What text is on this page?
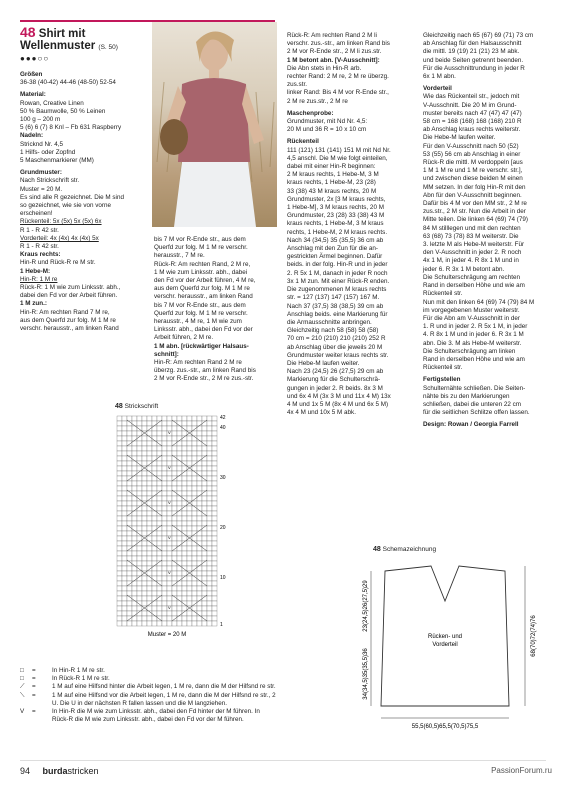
48 Shirt mit
Wellenmuster (S. 50)
●●●○○

Größen

36-38 (40-42) 44-46 (48-50) 52-54

Material:

Rowan, Creative Linen

50 % Baumwolle, 50 % Leinen

100 g – 200 m

5 (6) 6 (7) 8 Knl – Fb 631 Raspberry

Nadeln:

Stricknd Nr. 4,5

1 Hilfs- oder Zopfnd

5 Maschenmarkierer (MM)

Grundmuster:

Nach Strickschrift str.

Muster = 20 M.

Es sind alle R gezeichnet. Die M sind

so gezeichnet, wie sie von vorne

erscheinen!

Rückenteil: 5x (5x) 5x (5x) 6x

R 1 - R 42 str.

Vorderteil: 4x (4x) 4x (4x) 5x

R 1 - R 42 str.

Kraus rechts:

Hin-R und Rück-R re M str.

1 Hebe-M:

Hin-R: 1 M re

Rück-R: 1 M wie zum Linksstr. abh.,

dabei den Fd vor der Arbeit führen.

1 M zun.:

Hin-R: Am rechten Rand 7 M re,

aus dem Querfd zur folg. M 1 M re

verschr. herausstr., am linken Rand

bis 7 M vor R-Ende str., aus dem

Querfd zur folg. M 1 M re verschr.

herausstr., 7 M re.

Rück-R: Am rechten Rand, 2 M re,

1 M wie zum Linksstr. abh., dabei

den Fd vor der Arbeit führen, 4 M re,

aus dem Querfd zur folg. M 1 M re

verschr. herausstr., am linken Rand

bis 7 M vor R-Ende str., aus dem

Querfd zur folg. M 1 M re verschr.

herausstr., 4 M re, 1 M wie zum

Linksstr. abh., dabei den Fd vor der

Arbeit führen, 2 M re.

1 M abn. [rückwärtiger Halsaus-

schnitt]:

Hin-R: Am rechten Rand 2 M re

überzg. zus.-str., am linken Rand bis

2 M vor R-Ende str., 2 M re zus.-str.

Rück-R: Am rechten Rand 2 M li

verschr. zus.-str., am linken Rand bis

2 M vor R-Ende str., 2 M li zus.str.

1 M betont abn. [V-Ausschnitt]:

Die Abn stets in Hin-R arb.

rechter Rand: 2 M re, 2 M re überzg.

zus.str.

linker Rand: Bis 4 M vor R-Ende str.,

2 M re zus.str., 2 M re

Maschenprobe:

Grundmuster, mit Nd Nr. 4,5:

20 M und 36 R = 10 x 10 cm

Rückenteil

111 (121) 131 (141) 151 M mit Nd Nr.

4,5 anschl. Die M wie folgt einteilen,

dabei mit einer Hin-R beginnen:

2 M kraus rechts, 1 Hebe-M, 3 M

kraus rechts, 1 Hebe-M, 23 (28)

33 (38) 43 M kraus rechts, 20 M

Grundmuster, 2x [3 M kraus rechts,

1 Hebe-M], 3 M kraus rechts, 20 M

Grundmuster, 23 (28) 33 (38) 43 M

kraus rechts, 1 Hebe-M, 3 M kraus

rechts, 1 Hebe-M, 2 M kraus rechts.

Nach 34 (34,5) 35 (35,5) 36 cm ab

Anschlag mit den Zun für die an-

gestrickten Ärmel beginnen. Dafür

beids. in der folg. Hin-R und in jeder

2. R 5x 1 M, danach in jeder R noch

3x 1 M zun. Mit einer Rück-R enden.

Die zugenommenen M kraus rechts

str. = 127 (137) 147 (157) 167 M.

Nach 37 (37,5) 38 (38,5) 39 cm ab

Anschlag beids. eine Markierung für

die Armausschnitte anbringen.

Gleichzeitig nach 58 (58) 58 (58)

70 cm = 210 (210) 210 (210) 252 R

ab Anschlag über die jeweils 20 M

Grundmuster weiter kraus rechts str.

Die Hebe-M laufen weiter.

Nach 23 (24,5) 26 (27,5) 29 cm ab

Markierung für die Schulterschrä-

gungen in jeder 2. R beids. 8x 3 M

und 6x 4 M (3x 3 M und 11x 4 M) 13x

4 M und 1x 5 M (8x 4 M und 6x 5 M)

4x 4 M und 10x 5 M abk.

Gleichzeitig nach 65 (67) 69 (71) 73 cm

ab Anschlag für den Halsausschnitt

die mittl. 19 (19) 21 (21) 23 M abk.

und beide Seiten getrennt beenden.

Für die Ausschnittrundung in jeder R

6x 1 M abn.

Vorderteil

Wie das Rückenteil str., jedoch mit

V-Ausschnitt. Die 20 M im Grund-

muster bereits nach 47 (47) 47 (47)

58 cm = 168 (168) 168 (168) 210 R

ab Anschlag kraus rechts weiterstr.

Die Hebe-M laufen weiter.

Für den V-Ausschnitt nach 50 (52)

53 (55) 56 cm ab Anschlag in einer

Rück-R die mittl. M verdoppeln [aus

1 M 1 M re und 1 M re verschr. str.],

und zwischen diese beiden M einen

MM setzen. In der folg Hin-R mit den

Abn für den V-Ausschnitt beginnen.

Dafür bis 4 M vor den MM str., 2 M re

zus.str., 2 M str. Nun die Arbeit in der

Mitte teilen. Die linken 64 (69) 74 (79)

84 M stilllegen und mit den rechten

63 (68) 73 (78) 83 M weiterstr. Die

3. letzte M als Hebe-M weiterstr. Für

den V-Ausschnitt in jeder 2. R noch

4x 1 M, in jeder 4. R 8x 1 M und in

jeder 6. R 3x 1 M betont abn.

Die Schulterschrägung am rechten

Rand in derselben Höhe und wie am

Rückenteil str.

Nun mit den linken 64 (69) 74 (79) 84 M

im vorgegebenen Muster weiterstr.

Für die Abn am V-Ausschnitt in der

1. R und in jeder 2. R 5x 1 M, in jeder

4. R 8x 1 M und in jeder 6. R 3x 1 M

abn. Die 3. M als Hebe-M weiterstr.

Die Schulterschrägung am linken

Rand in derselben Höhe und wie am

Rückenteil str.

Fertigstellen

Schulternähte schließen. Die Seiten-

nähte bis zu den Markierungen

schließen, dabei die unteren 22 cm

für die seitlichen Schlitze offen lassen.

Design: Rowan / Georgia Farrell

48 Strickschrift
V
V
V
V
V
V
42
40
30
20
10
1
Muster = 20 M
48 Schemazeichnung
Rücken- und
Vorderteil
55,5(60,5)65,5(70,5)75,5
23(24,5)26(27,5)29
34(34,5)35(35,5)36
68(70)72(74)76
□	=	In Hin-R 1 M re str.
□	=	In Rück-R 1 M re str.
⟋	=	1 M auf eine Hilfsnd hinter die Arbeit legen, 1 M re, dann die M der Hilfsnd re str.
⟍	=	1 M auf eine Hilfsnd vor die Arbeit legen, 1 M re, dann die M der Hilfsnd re str., 2
U. Die U in der nächsten R fallen lassen und die M langziehen.
V	=	In Hin-R die M wie zum Linksstr. abh., dabei den Fd hinter der M führen. In
Rück-R die M wie zum Linksstr. abh., dabei den Fd vor der M führen.
94 burdastricken	PassionForum.ru
